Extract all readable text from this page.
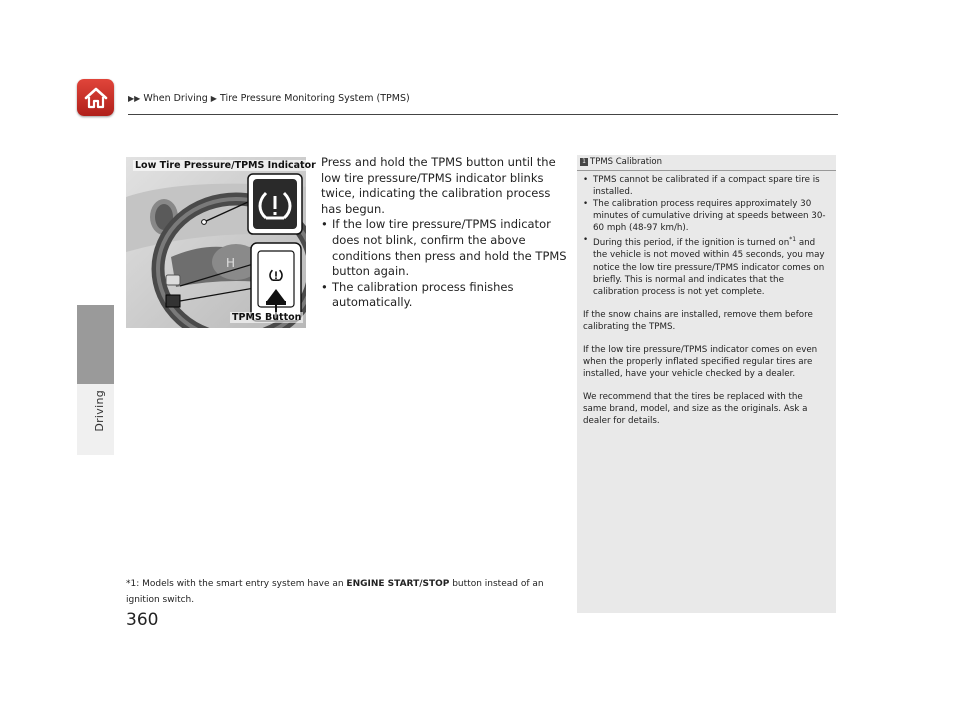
▶▶ When Driving ▶ Tire Pressure Monitoring System (TPMS)
Driving
H
Low Tire Pressure/TPMS Indicator
TPMS Button

Press and hold the TPMS button until the low tire pressure/TPMS indicator blinks twice, indicating the calibration process has begun.

• If the low tire pressure/TPMS indicator does not blink, confirm the above conditions then press and hold the TPMS button again.
• The calibration process finishes automatically.
1 TPMS Calibration
• TPMS cannot be calibrated if a compact spare tire is installed.
• The calibration process requires approximately 30 minutes of cumulative driving at speeds between 30-60 mph (48-97 km/h).
• During this period, if the ignition is turned $on^{*1}$ and the vehicle is not moved within 45 seconds, you may notice the low tire pressure/TPMS indicator comes on briefly. This is normal and indicates that the calibration process is not yet complete.

If the snow chains are installed, remove them before calibrating the TPMS.

If the low tire pressure/TPMS indicator comes on even when the properly inflated specified regular tires are installed, have your vehicle checked by a dealer.

We recommend that the tires be replaced with the same brand, model, and size as the originals. Ask a dealer for details.

*1: Models with the smart entry system have an ENGINE START/STOP button instead of an ignition switch.
360
